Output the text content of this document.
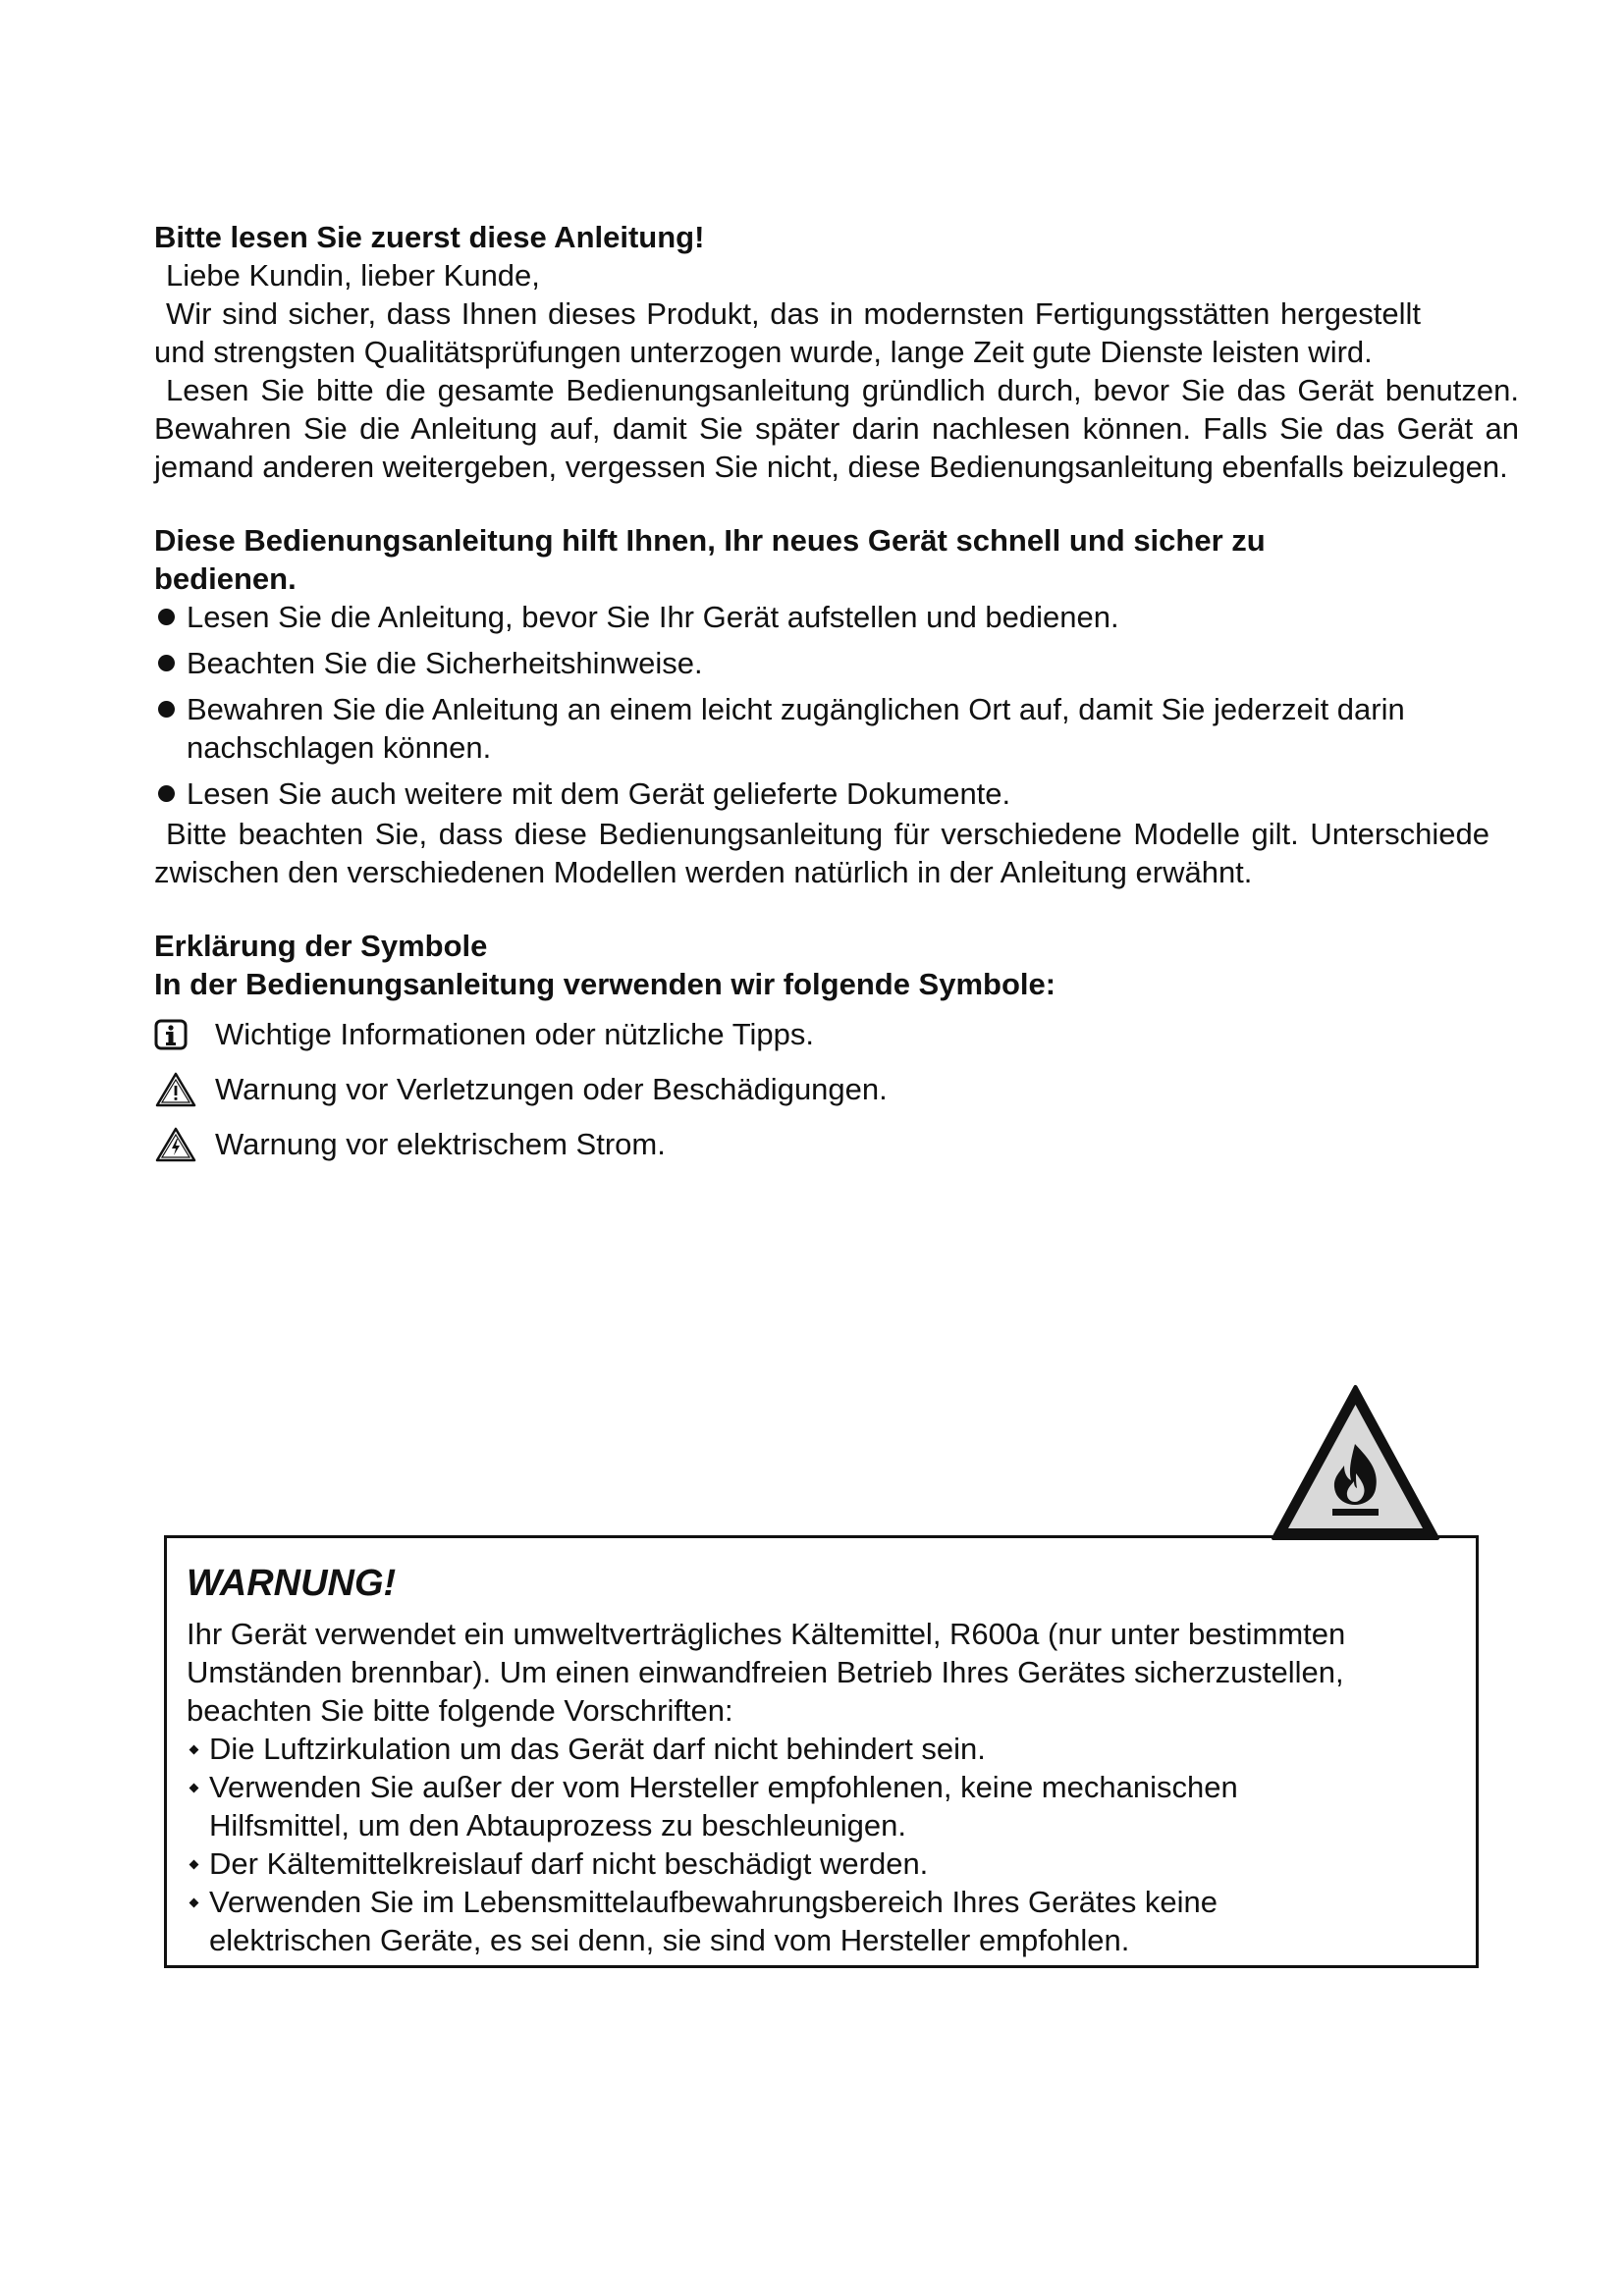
Bitte lesen Sie zuerst diese Anleitung!

Liebe Kundin, lieber Kunde,

Wir sind sicher, dass Ihnen dieses Produkt, das in modernsten Fertigungsstätten hergestellt und strengsten Qualitätsprüfungen unterzogen wurde, lange Zeit gute Dienste leisten wird.

Lesen Sie bitte die gesamte Bedienungsanleitung gründlich durch, bevor Sie das Gerät benutzen. Bewahren Sie die Anleitung auf, damit Sie später darin nachlesen können. Falls Sie das Gerät an jemand anderen weitergeben, vergessen Sie nicht, diese Bedienungsanleitung ebenfalls beizulegen.

Diese Bedienungsanleitung hilft Ihnen, Ihr neues Gerät schnell und sicher zu bedienen.

Lesen Sie die Anleitung, bevor Sie Ihr Gerät aufstellen und bedienen.
Beachten Sie die Sicherheitshinweise.
Bewahren Sie die Anleitung an einem leicht zugänglichen Ort auf, damit Sie jederzeit darin nachschlagen können.
Lesen Sie auch weitere mit dem Gerät gelieferte Dokumente.

Bitte beachten Sie, dass diese Bedienungsanleitung für verschiedene Modelle gilt. Unterschiede zwischen den verschiedenen Modellen werden natürlich in der Anleitung erwähnt.

Erklärung der Symbole

In der Bedienungsanleitung verwenden wir folgende Symbole:

Wichtige Informationen oder nützliche Tipps.
Warnung vor Verletzungen oder Beschädigungen.
Warnung vor elektrischem Strom.

WARNUNG!

Ihr Gerät verwendet ein umweltverträgliches Kältemittel, R600a (nur unter bestimmten Umständen brennbar). Um einen einwandfreien Betrieb Ihres Gerätes sicherzustellen, beachten Sie bitte folgende Vorschriften:

Die Luftzirkulation um das Gerät darf nicht behindert sein.
Verwenden Sie außer der vom Hersteller empfohlenen, keine mechanischen Hilfsmittel, um den Abtauprozess zu beschleunigen.
Der Kältemittelkreislauf darf nicht beschädigt werden.
Verwenden Sie im Lebensmittelaufbewahrungsbereich Ihres Gerätes keine elektrischen Geräte, es sei denn, sie sind vom Hersteller empfohlen.
